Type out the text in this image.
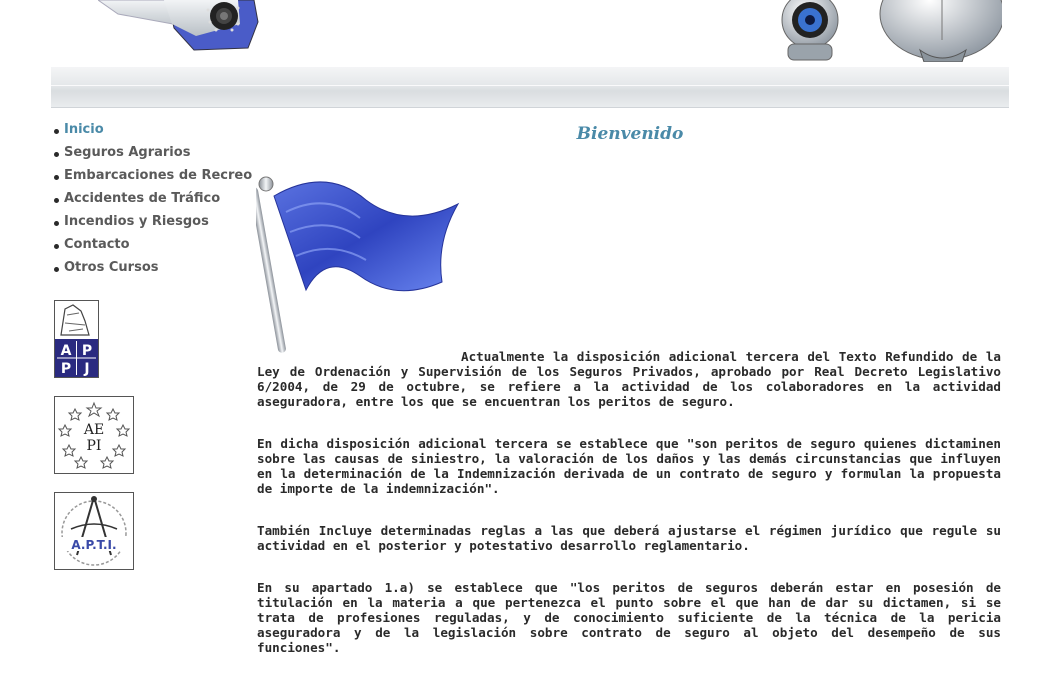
Inicio
Seguros Agrarios
Embarcaciones de Recreo
Accidentes de Tráfico
Incendios y Riesgos
Contacto
Otros Cursos
A P
P J
AE
PI
A.P.T.I.
Bienvenido
Actualmente la disposición adicional tercera del Texto Refundido de la Ley de Ordenación y Supervisión de los Seguros Privados, aprobado por Real Decreto Legislativo 6/2004, de 29 de octubre, se refiere a la actividad de los colaboradores en la actividad aseguradora, entre los que se encuentran los peritos de seguro.
En dicha disposición adicional tercera se establece que "son peritos de seguro quienes dictaminen sobre las causas de siniestro, la valoración de los daños y las demás circunstancias que influyen en la determinación de la Indemnización derivada de un contrato de seguro y formulan la propuesta de importe de la indemnización".
También Incluye determinadas reglas a las que deberá ajustarse el régimen jurídico que regule su actividad en el posterior y potestativo desarrollo reglamentario.
En su apartado 1.a) se establece que "los peritos de seguros deberán estar en posesión de titulación en la materia a que pertenezca el punto sobre el que han de dar su dictamen, si se trata de profesiones reguladas, y de conocimiento suficiente de la técnica de la pericia aseguradora y de la legislación sobre contrato de seguro al objeto del desempeño de sus funciones".
